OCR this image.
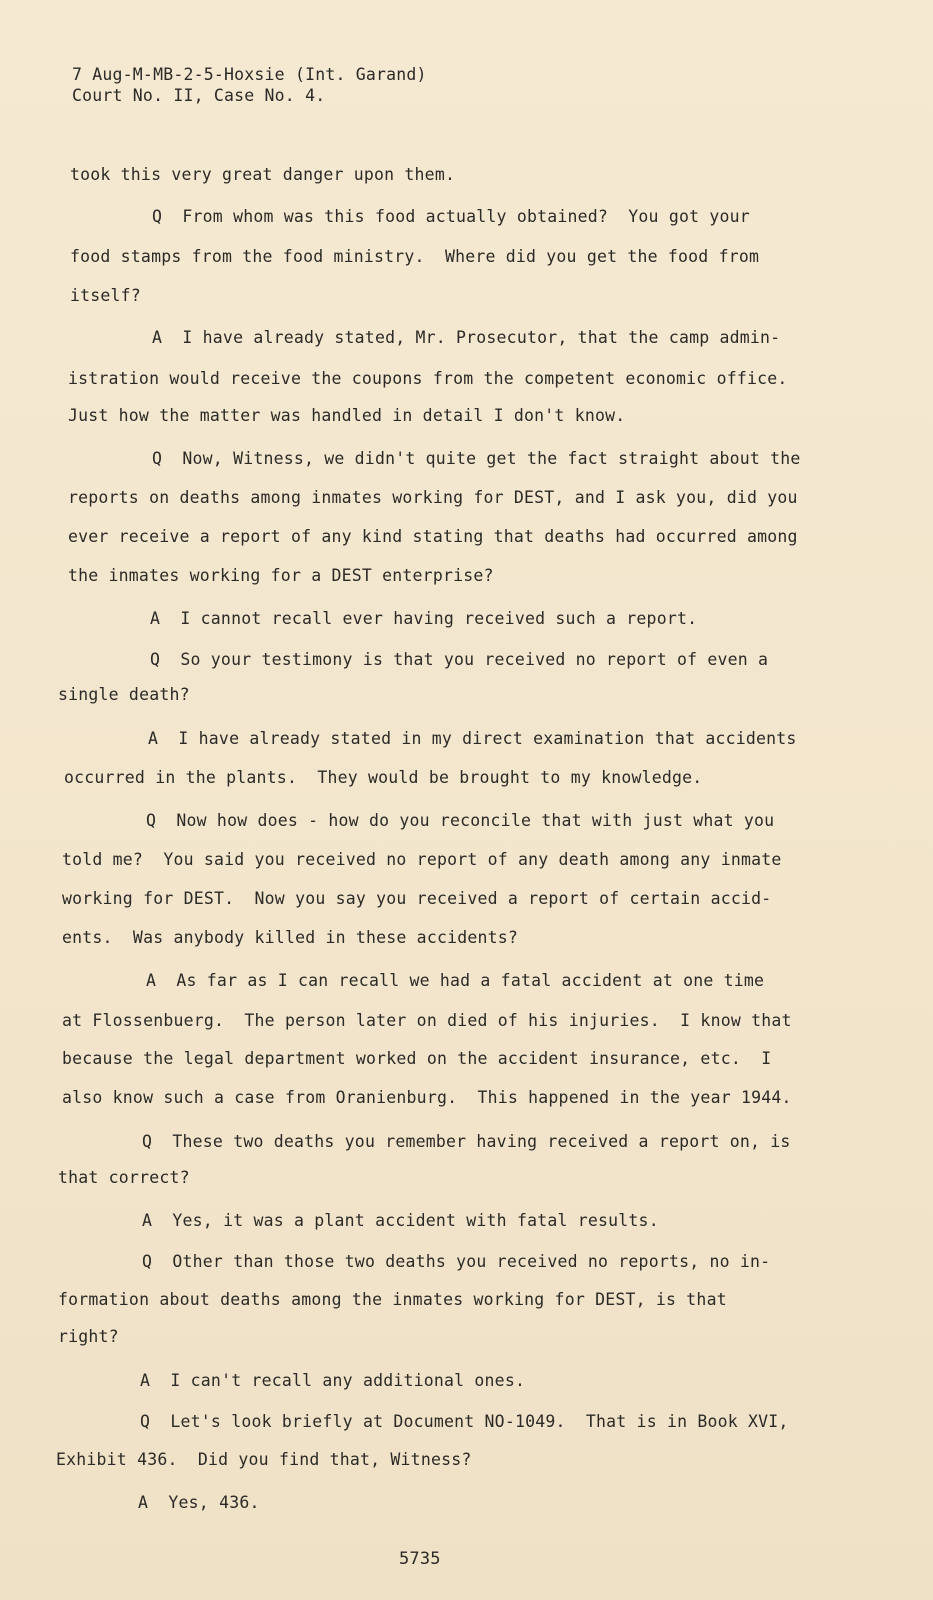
7 Aug-M-MB-2-5-Hoxsie (Int. Garand)
Court No. II, Case No. 4.
took this very great danger upon them.
Q  From whom was this food actually obtained?  You got your
food stamps from the food ministry.  Where did you get the food from
itself?
A  I have already stated, Mr. Prosecutor, that the camp admin-
istration would receive the coupons from the competent economic office.
Just how the matter was handled in detail I don't know.
Q  Now, Witness, we didn't quite get the fact straight about the
reports on deaths among inmates working for DEST, and I ask you, did you
ever receive a report of any kind stating that deaths had occurred among
the inmates working for a DEST enterprise?
A  I cannot recall ever having received such a report.
Q  So your testimony is that you received no report of even a
single death?
A  I have already stated in my direct examination that accidents
occurred in the plants.  They would be brought to my knowledge.
Q  Now how does - how do you reconcile that with just what you
told me?  You said you received no report of any death among any inmate
working for DEST.  Now you say you received a report of certain accid-
ents.  Was anybody killed in these accidents?
A  As far as I can recall we had a fatal accident at one time
at Flossenbuerg.  The person later on died of his injuries.  I know that
because the legal department worked on the accident insurance, etc.  I
also know such a case from Oranienburg.  This happened in the year 1944.
Q  These two deaths you remember having received a report on, is
that correct?
A  Yes, it was a plant accident with fatal results.
Q  Other than those two deaths you received no reports, no in-
formation about deaths among the inmates working for DEST, is that
right?
A  I can't recall any additional ones.
Q  Let's look briefly at Document NO-1049.  That is in Book XVI,
Exhibit 436.  Did you find that, Witness?
A  Yes, 436.
5735
